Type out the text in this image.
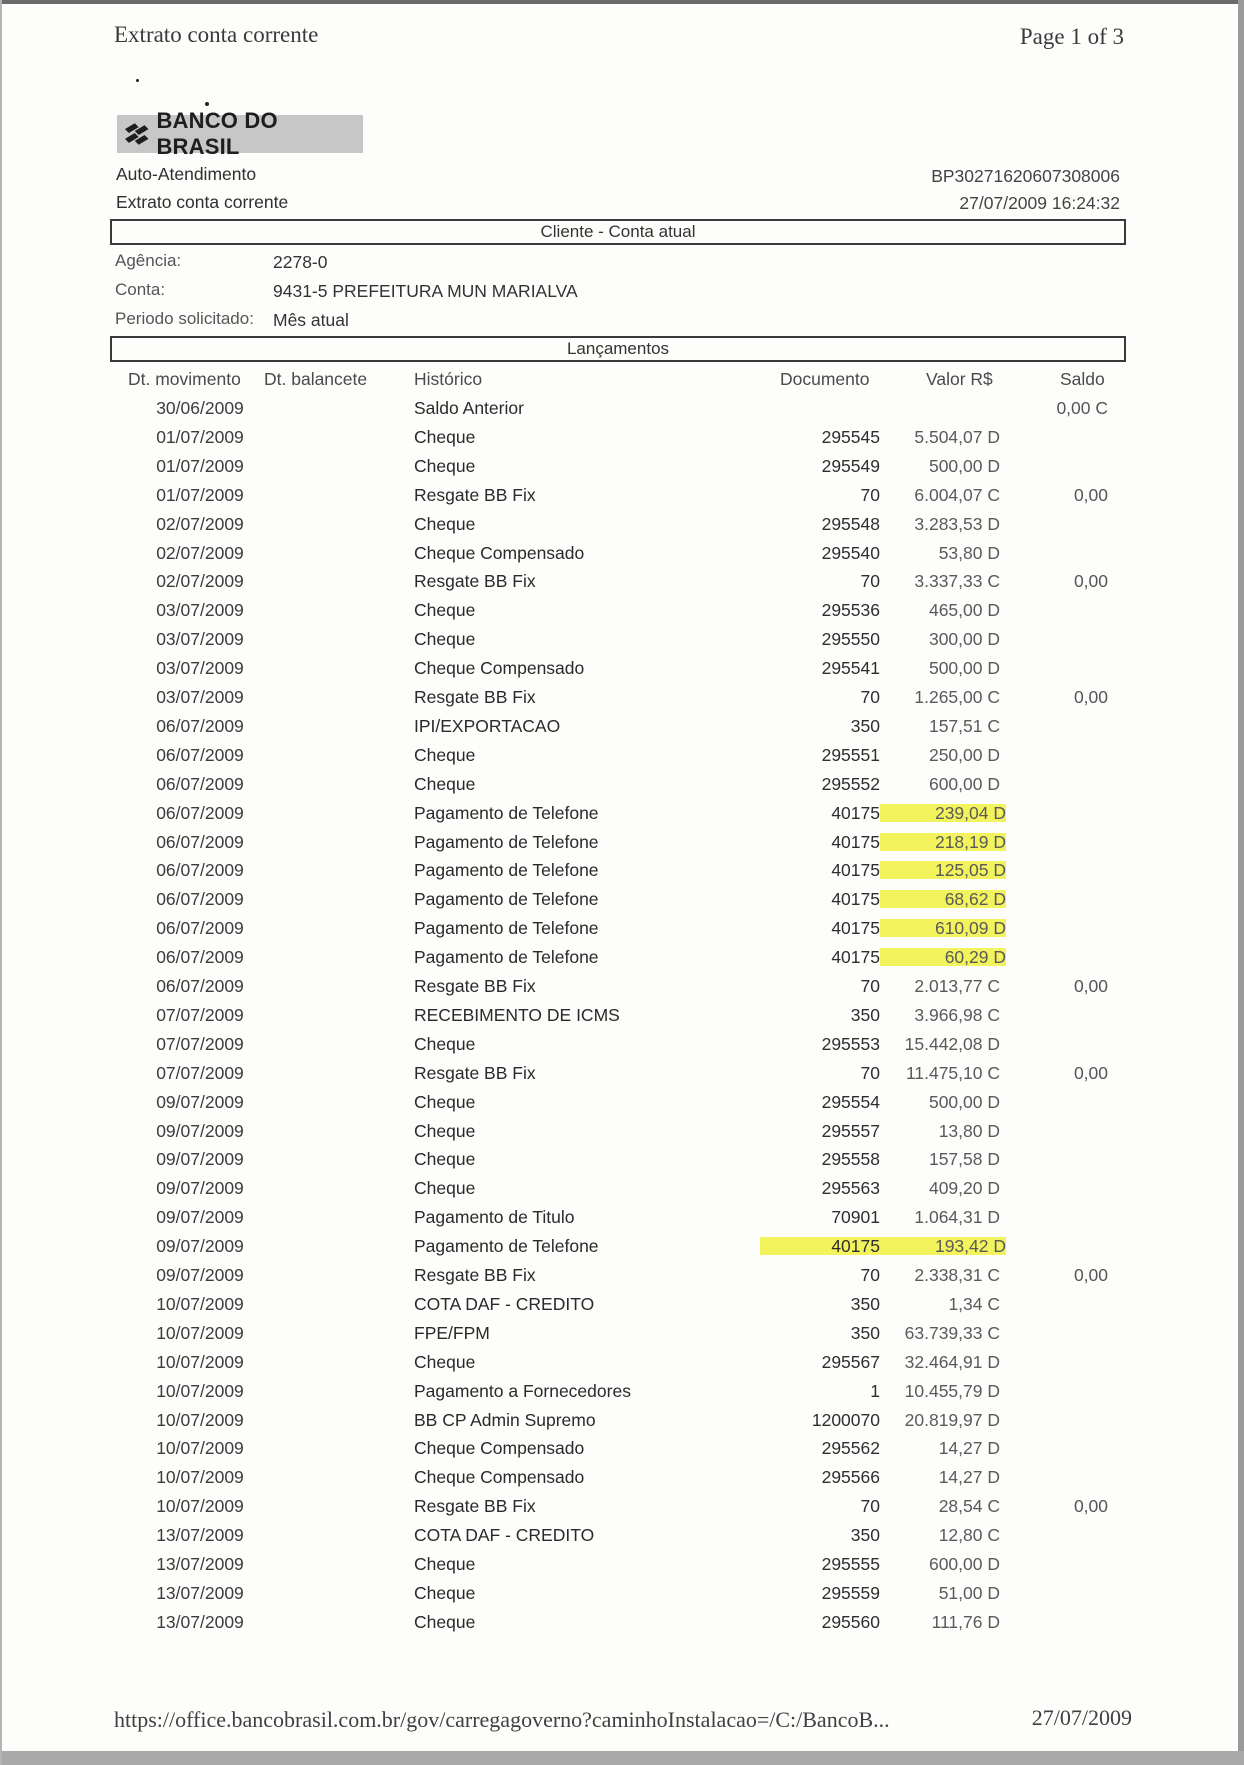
Extrato conta corrente	Page 1 of 3
BANCO DO BRASIL
Auto-Atendimento
Extrato conta corrente
BP30271620607308006
27/07/2009 16:24:32
Cliente - Conta atual
Agência:	2278-0
Conta:	9431-5 PREFEITURA MUN MARIALVA
Periodo solicitado: Mês atual
Lançamentos
Dt. movimento Dt. balancete	Histórico	Documento	Valor R$	Saldo
30/06/2009	Saldo Anterior	0,00 C
01/07/2009	Cheque	295545	5.504,07 D
01/07/2009	Cheque	295549	500,00 D
01/07/2009	Resgate BB Fix	70	6.004,07 C	0,00
02/07/2009	Cheque	295548	3.283,53 D
02/07/2009	Cheque Compensado	295540	53,80 D
02/07/2009	Resgate BB Fix	70	3.337,33 C	0,00
03/07/2009	Cheque	295536	465,00 D
03/07/2009	Cheque	295550	300,00 D
03/07/2009	Cheque Compensado	295541	500,00 D
03/07/2009	Resgate BB Fix	70	1.265,00 C	0,00
06/07/2009	IPI/EXPORTACAO	350	157,51 C
06/07/2009	Cheque	295551	250,00 D
06/07/2009	Cheque	295552	600,00 D
06/07/2009	Pagamento de Telefone	40175	239,04 D
06/07/2009	Pagamento de Telefone	40175	218,19 D
06/07/2009	Pagamento de Telefone	40175	125,05 D
06/07/2009	Pagamento de Telefone	40175	68,62 D
06/07/2009	Pagamento de Telefone	40175	610,09 D
06/07/2009	Pagamento de Telefone	40175	60,29 D
06/07/2009	Resgate BB Fix	70	2.013,77 C	0,00
07/07/2009	RECEBIMENTO DE ICMS	350	3.966,98 C
07/07/2009	Cheque	295553	15.442,08 D
07/07/2009	Resgate BB Fix	70	11.475,10 C	0,00
09/07/2009	Cheque	295554	500,00 D
09/07/2009	Cheque	295557	13,80 D
09/07/2009	Cheque	295558	157,58 D
09/07/2009	Cheque	295563	409,20 D
09/07/2009	Pagamento de Titulo	70901	1.064,31 D
09/07/2009	Pagamento de Telefone	40175	193,42 D
09/07/2009	Resgate BB Fix	70	2.338,31 C	0,00
10/07/2009	COTA DAF - CREDITO	350	1,34 C
10/07/2009	FPE/FPM	350	63.739,33 C
10/07/2009	Cheque	295567	32.464,91 D
10/07/2009	Pagamento a Fornecedores	1	10.455,79 D
10/07/2009	BB CP Admin Supremo	1200070	20.819,97 D
10/07/2009	Cheque Compensado	295562	14,27 D
10/07/2009	Cheque Compensado	295566	14,27 D
10/07/2009	Resgate BB Fix	70	28,54 C	0,00
13/07/2009	COTA DAF - CREDITO	350	12,80 C
13/07/2009	Cheque	295555	600,00 D
13/07/2009	Cheque	295559	51,00 D
13/07/2009	Cheque	295560	111,76 D
https://office.bancobrasil.com.br/gov/carregagoverno?caminhoInstalacao=/C:/BancoB...	27/07/2009
